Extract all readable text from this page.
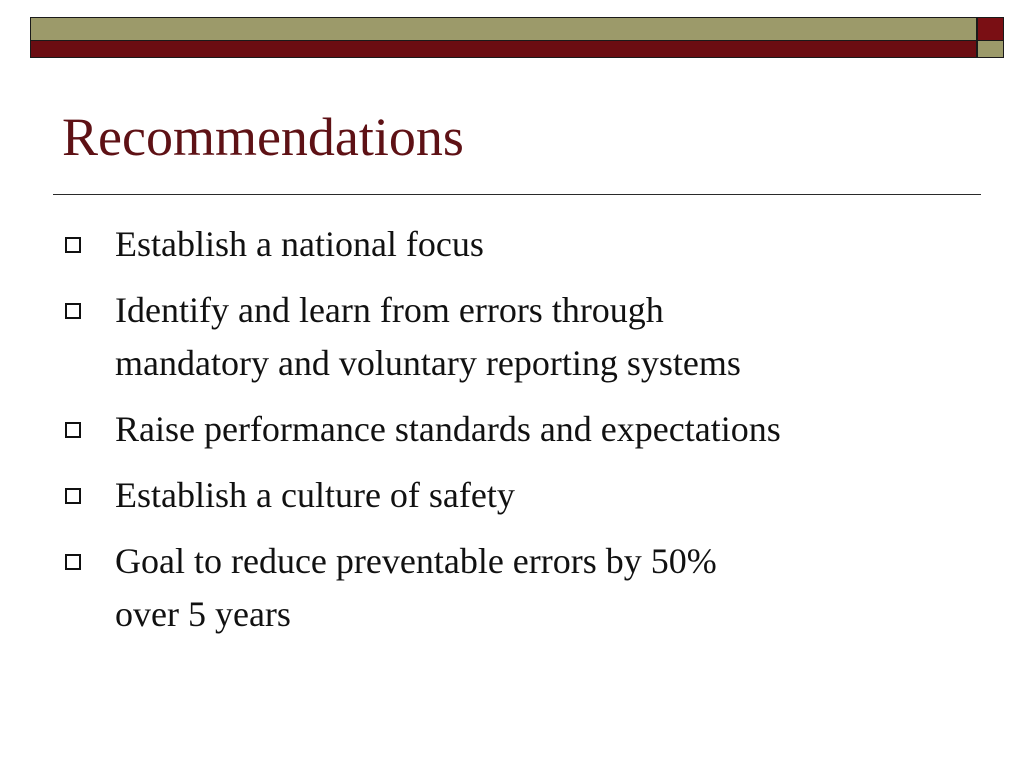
Recommendations
Establish a national focus
Identify and learn from errors through
mandatory and voluntary reporting systems
Raise performance standards and expectations
Establish a culture of safety
Goal to reduce preventable errors by 50%
over 5 years
